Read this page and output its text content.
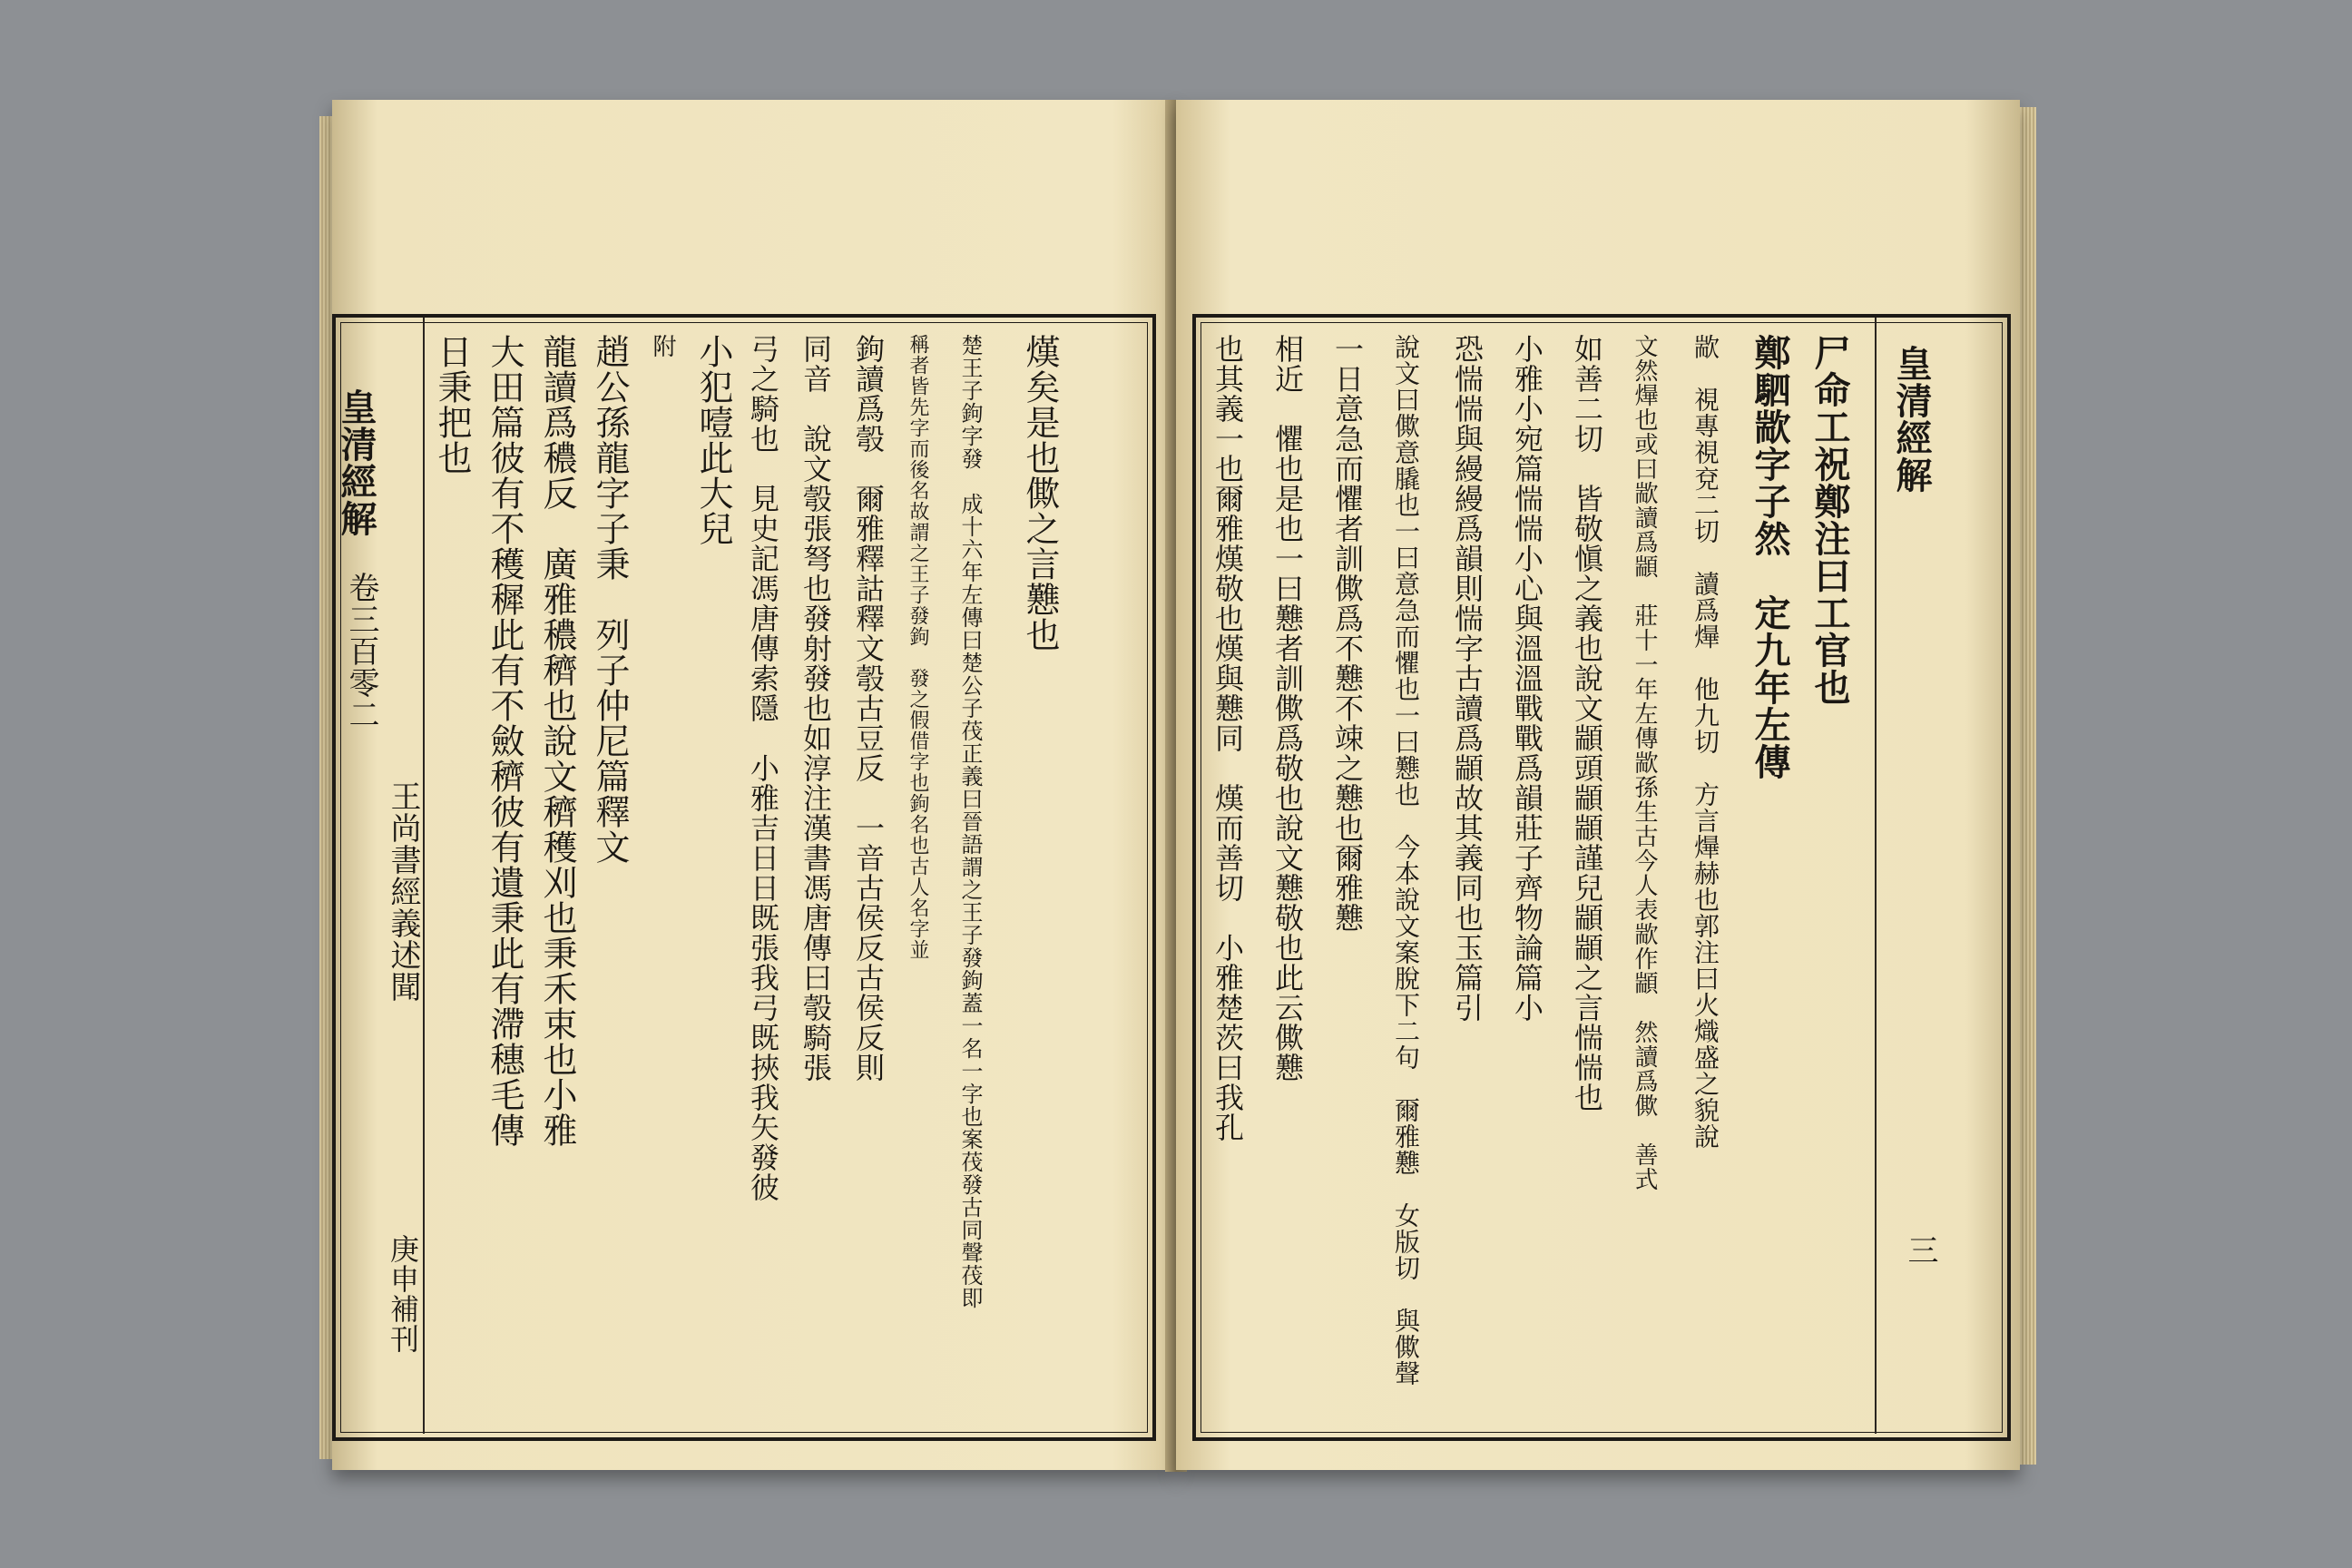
皇清經解
卷三百零二
王尚書經義述聞
庚申補刊
日秉把也 大田篇彼有不穫穉此有不斂穧彼有遺秉此有滯穗毛傳 龍讀爲穠反　廣雅穠穧也說文穧穫刈也秉禾束也小雅 趙公孫龍字子秉　列子仲尼篇釋文 附 小犯噎此大兒 弓之騎也　見史記馮唐傳索隱　小雅吉日日既張我弓既挾我矢發彼 同音　說文彀張弩也發射發也如淳注漢書馮唐傳曰彀騎張 鉤讀爲彀　爾雅釋詁釋文彀古豆反　一音古侯反古侯反則 稱者皆先字而後名故謂之王子發鉤　發之假借字也鉤名也古人名字並 楚王子鉤字發　成十六年左傳曰楚公子茷正義曰晉語謂之王子發鉤蓋一名一字也案茷發古同聲茷即 熯矣是也僛之言戁也	也其義一也爾雅熯敬也熯與戁同　熯而善切　小雅楚茨曰我孔 相近　懼也是也一曰戁者訓僛爲敬也說文戁敬也此云僛戁 一日意急而懼者訓僛爲不戁不竦之戁也爾雅戁 說文曰僛意膬也一曰意急而懼也一曰戁也　今本說文案脫下二句　爾雅戁　女版切　與僛聲 恐惴惴與縵縵爲韻則惴字古讀爲顓故其義同也玉篇引 小雅小宛篇惴惴小心與溫溫戰戰爲韻莊子齊物論篇小 如善二切　皆敬愼之義也說文顓頭顓顓謹兒顓顓之言惴惴也 文然㷸也或曰歂讀爲顓　莊十一年左傳歂孫生古今人表歂作顓　然讀爲僛　善式 歂　視專視兗二切　讀爲㷸　他九切　方言㷸赫也郭注曰火熾盛之貌說 鄭駟歂字子然　定九年左傳 尸命工祝鄭注曰工官也 皇清經解
三
